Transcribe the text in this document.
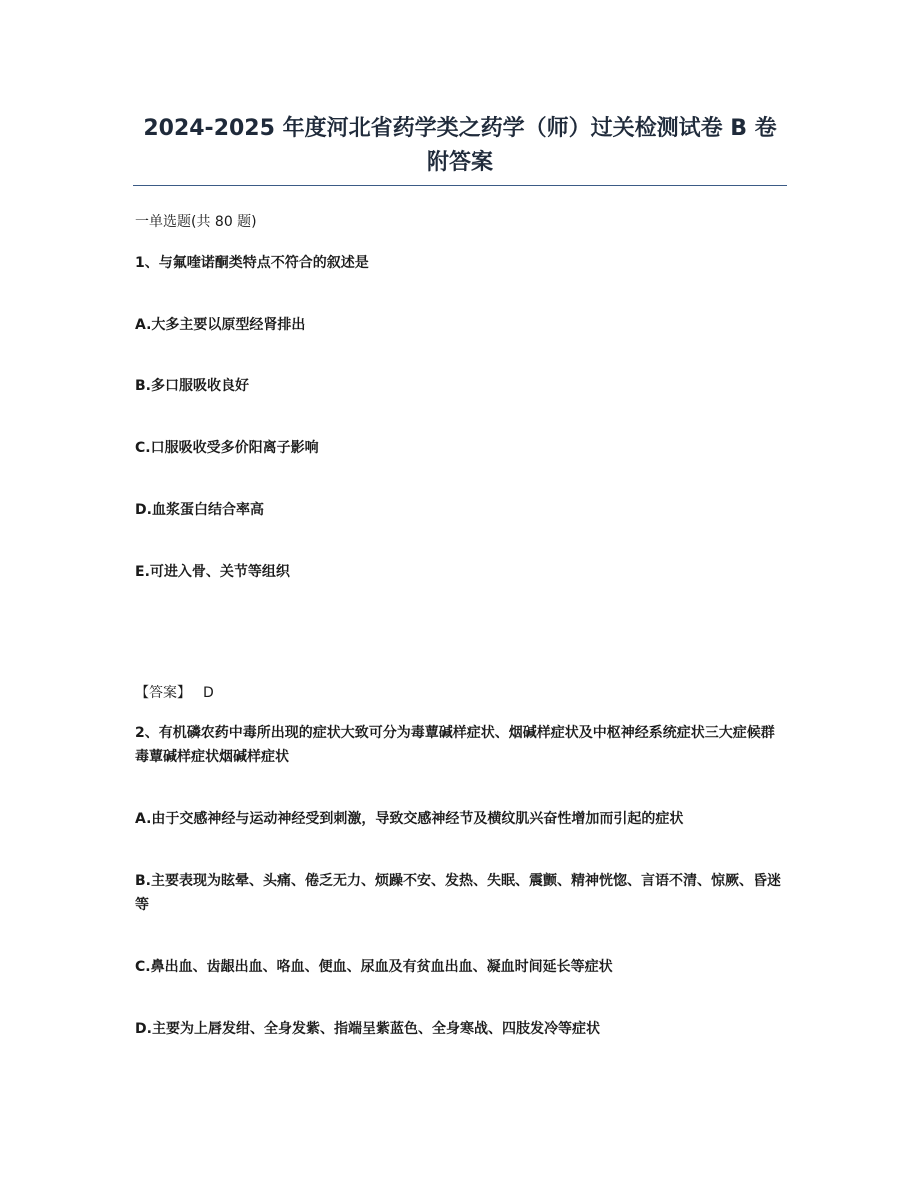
2024-2025 年度河北省药学类之药学（师）过关检测试卷 B 卷附答案

一单选题(共 80 题)

1、与氟喹诺酮类特点不符合的叙述是

A.大多主要以原型经肾排出

B.多口服吸收良好

C.口服吸收受多价阳离子影响

D.血浆蛋白结合率高

E.可进入骨、关节等组织

【答案】 D

2、有机磷农药中毒所出现的症状大致可分为毒蕈碱样症状、烟碱样症状及中枢神经系统症状三大症候群毒蕈碱样症状烟碱样症状

A.由于交感神经与运动神经受到刺激，导致交感神经节及横纹肌兴奋性增加而引起的症状

B.主要表现为眩晕、头痛、倦乏无力、烦躁不安、发热、失眠、震颤、精神恍惚、言语不清、惊厥、昏迷等

C.鼻出血、齿龈出血、咯血、便血、尿血及有贫血出血、凝血时间延长等症状

D.主要为上唇发绀、全身发紫、指端呈紫蓝色、全身寒战、四肢发冷等症状
